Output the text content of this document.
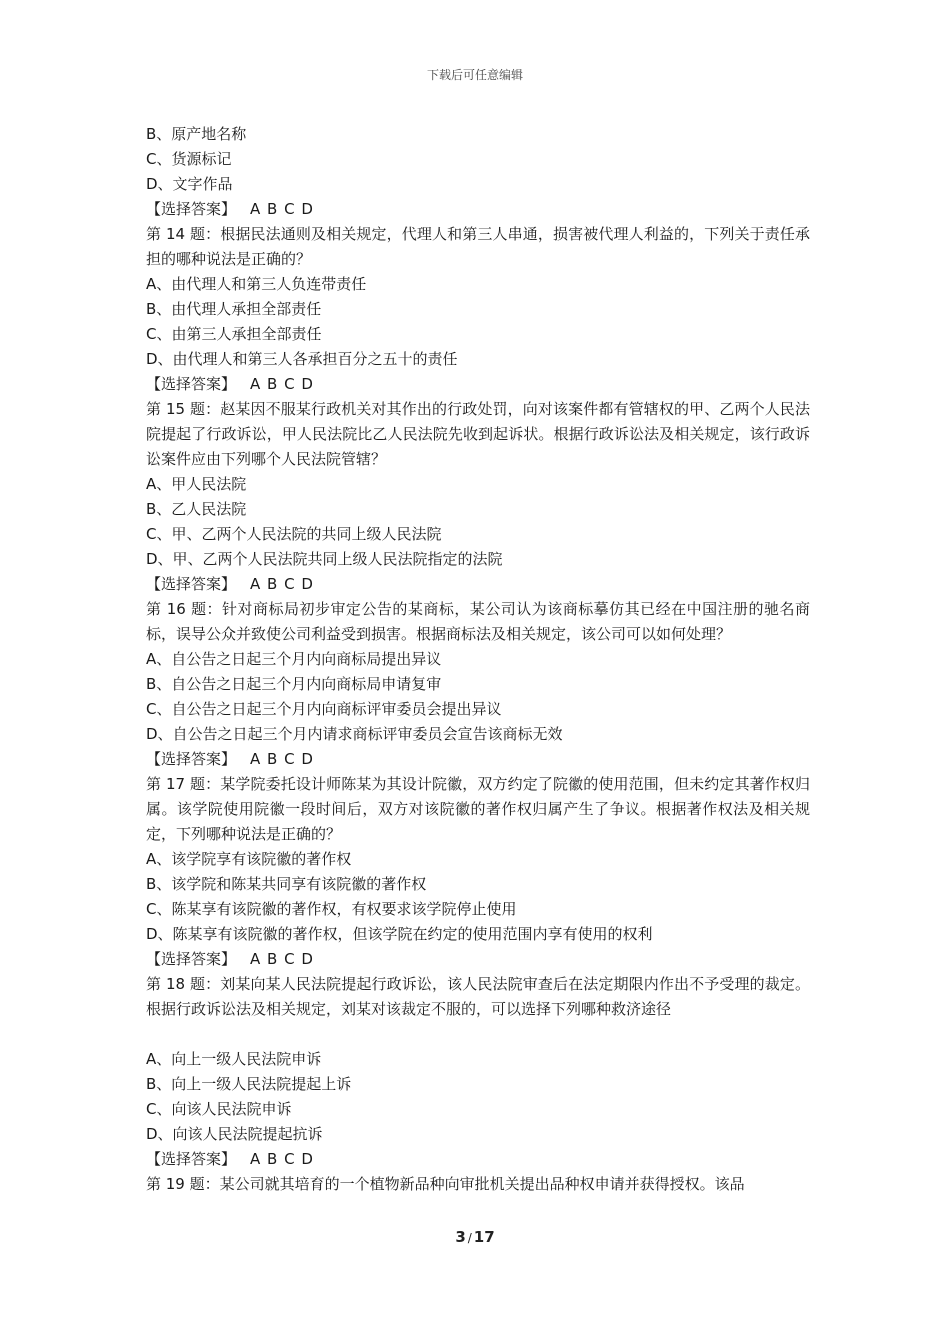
下载后可任意编辑
B、原产地名称
C、货源标记
D、文字作品
【选择答案】 A B C D
第 14 题：根据民法通则及相关规定，代理人和第三人串通，损害被代理人利益的，下列关于责任承担的哪种说法是正确的？
A、由代理人和第三人负连带责任
B、由代理人承担全部责任
C、由第三人承担全部责任
D、由代理人和第三人各承担百分之五十的责任
【选择答案】 A B C D
第 15 题：赵某因不服某行政机关对其作出的行政处罚，向对该案件都有管辖权的甲、乙两个人民法院提起了行政诉讼，甲人民法院比乙人民法院先收到起诉状。根据行政诉讼法及相关规定，该行政诉讼案件应由下列哪个人民法院管辖？
A、甲人民法院
B、乙人民法院
C、甲、乙两个人民法院的共同上级人民法院
D、甲、乙两个人民法院共同上级人民法院指定的法院
【选择答案】 A B C D
第 16 题：针对商标局初步审定公告的某商标，某公司认为该商标摹仿其已经在中国注册的驰名商标，误导公众并致使公司利益受到损害。根据商标法及相关规定，该公司可以如何处理？
A、自公告之日起三个月内向商标局提出异议
B、自公告之日起三个月内向商标局申请复审
C、自公告之日起三个月内向商标评审委员会提出异议
D、自公告之日起三个月内请求商标评审委员会宣告该商标无效
【选择答案】 A B C D
第 17 题：某学院委托设计师陈某为其设计院徽，双方约定了院徽的使用范围，但未约定其著作权归属。该学院使用院徽一段时间后，双方对该院徽的著作权归属产生了争议。根据著作权法及相关规定，下列哪种说法是正确的？
A、该学院享有该院徽的著作权
B、该学院和陈某共同享有该院徽的著作权
C、陈某享有该院徽的著作权，有权要求该学院停止使用
D、陈某享有该院徽的著作权，但该学院在约定的使用范围内享有使用的权利
【选择答案】 A B C D
第 18 题：刘某向某人民法院提起行政诉讼，该人民法院审查后在法定期限内作出不予受理的裁定。根据行政诉讼法及相关规定，刘某对该裁定不服的，可以选择下列哪种救济途径
A、向上一级人民法院申诉
B、向上一级人民法院提起上诉
C、向该人民法院申诉
D、向该人民法院提起抗诉
【选择答案】 A B C D
第 19 题：某公司就其培育的一个植物新品种向审批机关提出品种权申请并获得授权。该品
3 / 17
